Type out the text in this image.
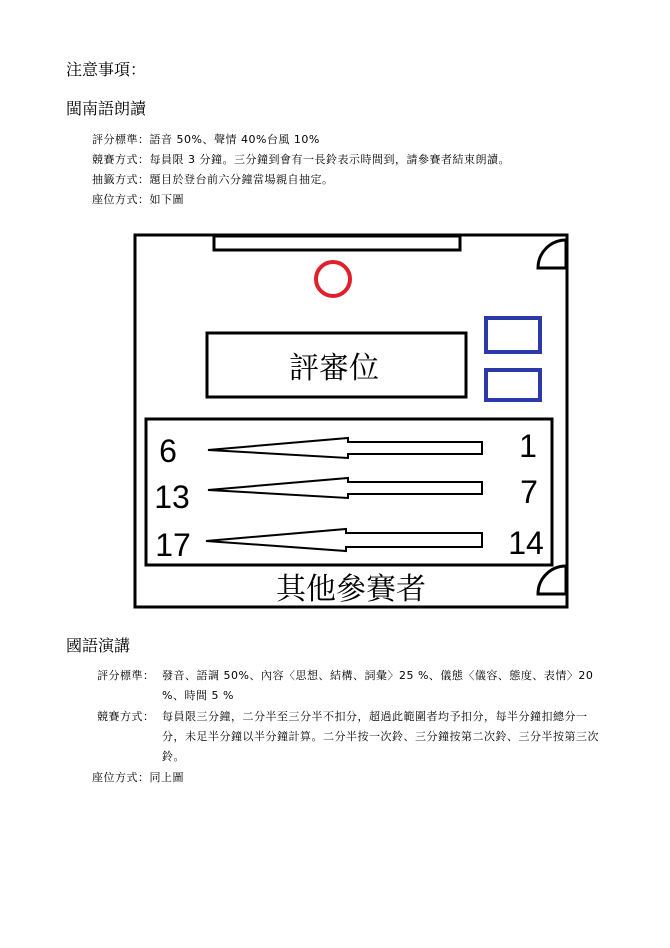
注意事項：
閩南語朗讀
評分標準：語音 50%、聲情 40%台風 10%
競賽方式：每員限 3 分鐘。三分鐘到會有一長鈴表示時間到，請參賽者結束朗讀。
抽籤方式：題目於登台前六分鐘當場親自抽定。
座位方式：如下圖
評審位
6	1
13	7
17	14
其他參賽者
國語演講
評分標準： 發音、語調 50%、內容〈思想、結構、詞彙〉25 %、儀態〈儀容、態度、表情〉20 %、時間 5 %
競賽方式： 每員限三分鐘，二分半至三分半不扣分，超過此範圍者均予扣分，每半分鐘扣總分一分，未足半分鐘以半分鐘計算。二分半按一次鈴、三分鐘按第二次鈴、三分半按第三次鈴。
座位方式：同上圖
